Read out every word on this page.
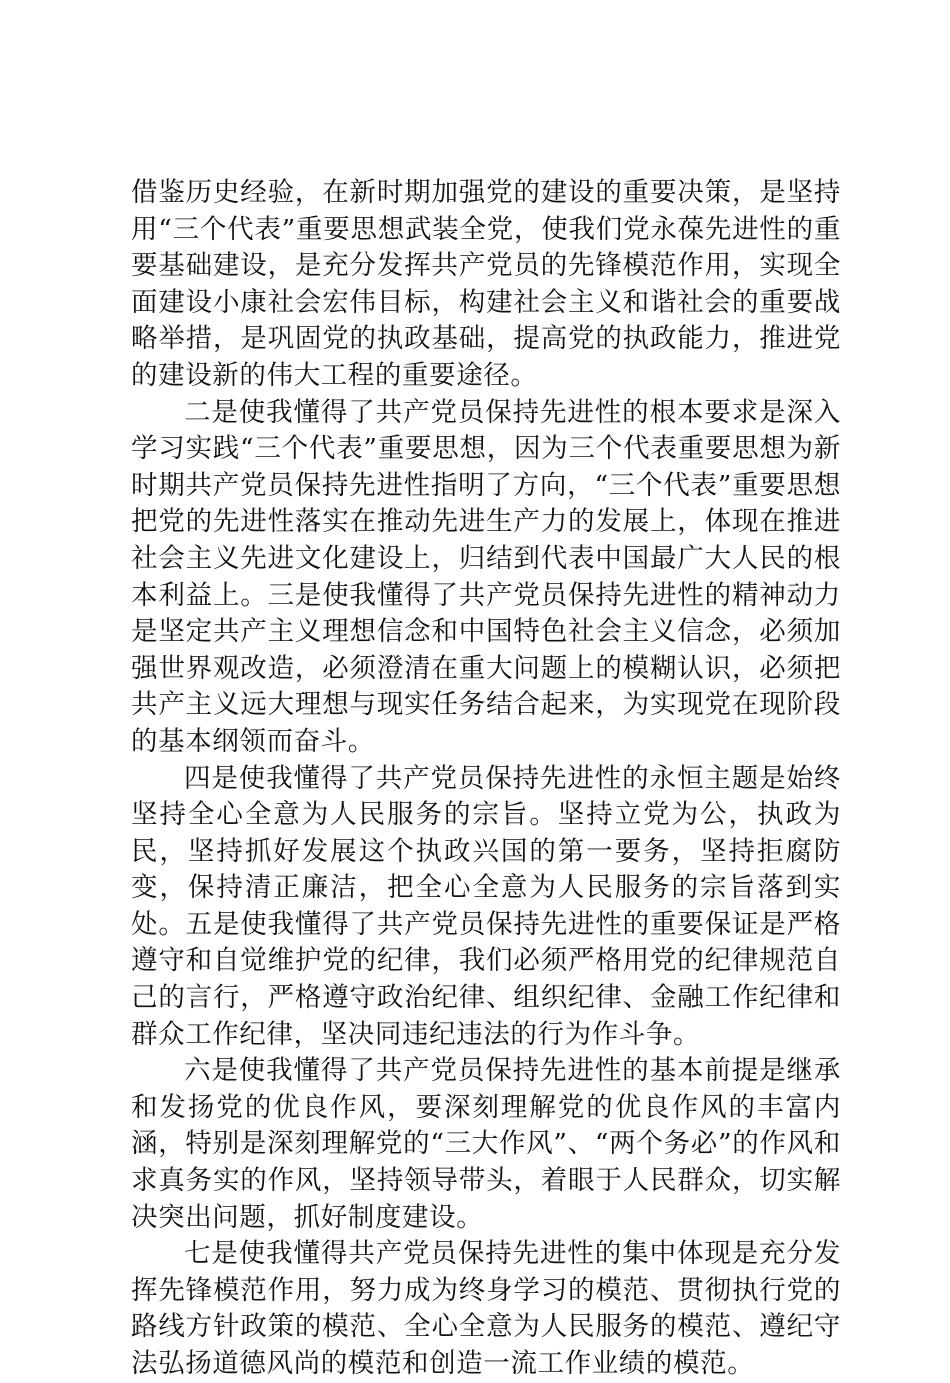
借鉴历史经验，在新时期加强党的建设的重要决策，是坚持用“三个代表”重要思想武装全党，使我们党永葆先进性的重要基础建设，是充分发挥共产党员的先锋模范作用，实现全面建设小康社会宏伟目标，构建社会主义和谐社会的重要战略举措，是巩固党的执政基础，提高党的执政能力，推进党的建设新的伟大工程的重要途径。

二是使我懂得了共产党员保持先进性的根本要求是深入学习实践“三个代表”重要思想，因为三个代表重要思想为新时期共产党员保持先进性指明了方向，“三个代表”重要思想把党的先进性落实在推动先进生产力的发展上，体现在推进社会主义先进文化建设上，归结到代表中国最广大人民的根本利益上。三是使我懂得了共产党员保持先进性的精神动力是坚定共产主义理想信念和中国特色社会主义信念，必须加强世界观改造，必须澄清在重大问题上的模糊认识，必须把共产主义远大理想与现实任务结合起来，为实现党在现阶段的基本纲领而奋斗。

四是使我懂得了共产党员保持先进性的永恒主题是始终坚持全心全意为人民服务的宗旨。坚持立党为公，执政为民，坚持抓好发展这个执政兴国的第一要务，坚持拒腐防变，保持清正廉洁，把全心全意为人民服务的宗旨落到实处。五是使我懂得了共产党员保持先进性的重要保证是严格遵守和自觉维护党的纪律，我们必须严格用党的纪律规范自己的言行，严格遵守政治纪律、组织纪律、金融工作纪律和群众工作纪律，坚决同违纪违法的行为作斗争。

六是使我懂得了共产党员保持先进性的基本前提是继承和发扬党的优良作风，要深刻理解党的优良作风的丰富内涵，特别是深刻理解党的“三大作风”、“两个务必”的作风和求真务实的作风，坚持领导带头，着眼于人民群众，切实解决突出问题，抓好制度建设。

七是使我懂得共产党员保持先进性的集中体现是充分发挥先锋模范作用，努力成为终身学习的模范、贯彻执行党的路线方针政策的模范、全心全意为人民服务的模范、遵纪守法弘扬道德风尚的模范和创造一流工作业绩的模范。
